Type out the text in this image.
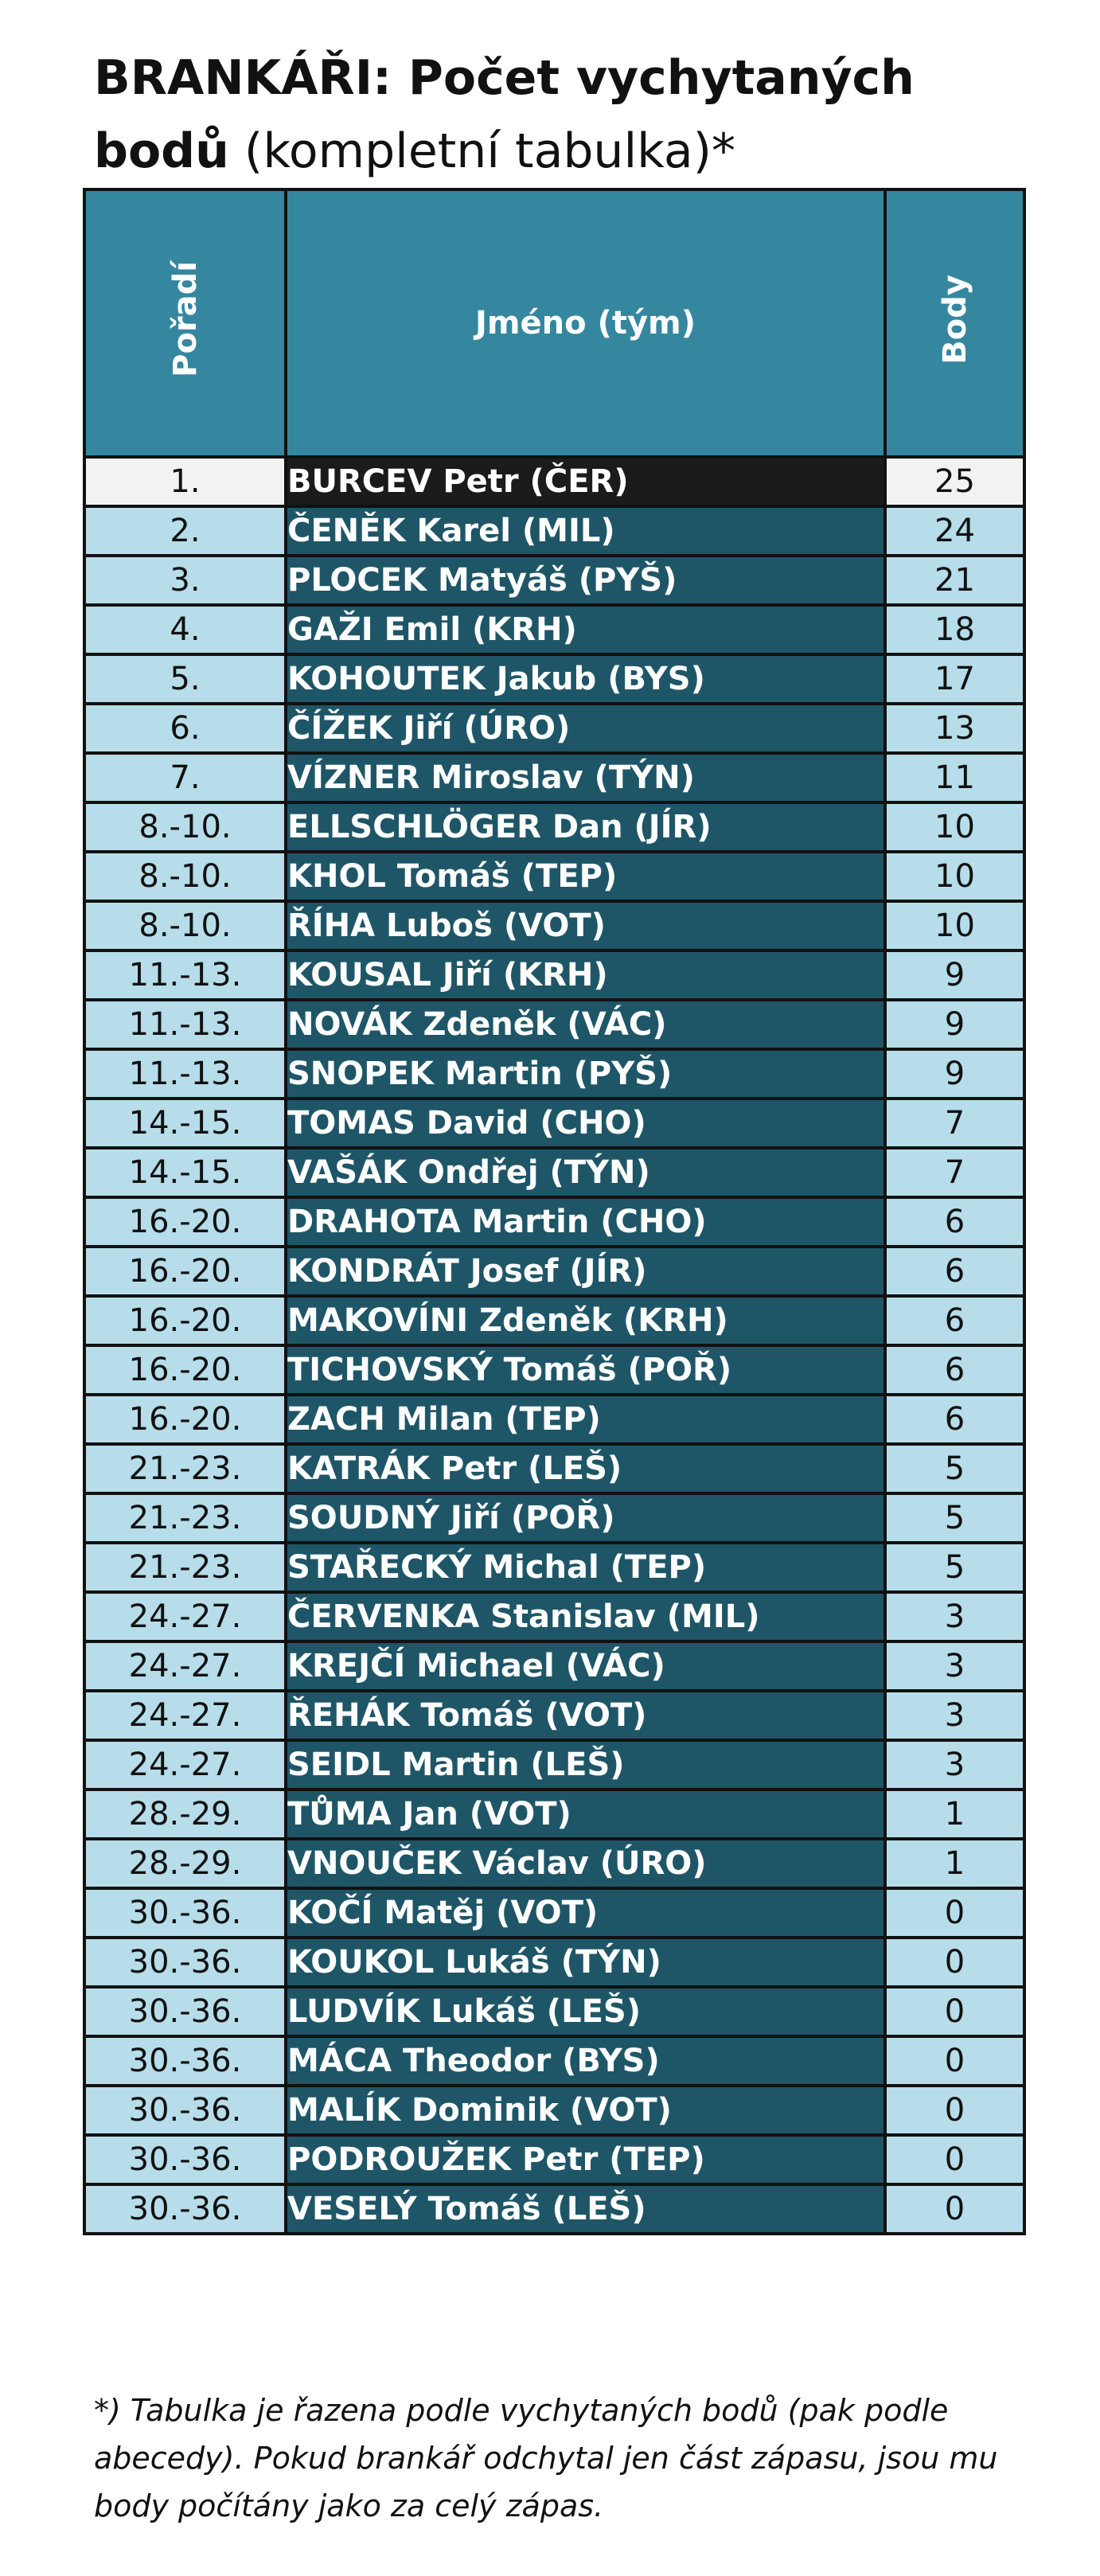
BRANKÁŘI: Počet vychytaných bodů (kompletní tabulka)*
Pořadí	Jméno (tým)	Body
1.	BURCEV Petr (ČER)	25
2.	ČENĚK Karel (MIL)	24
3.	PLOCEK Matyáš (PYŠ)	21
4.	GAŽI Emil (KRH)	18
5.	KOHOUTEK Jakub (BYS)	17
6.	ČÍŽEK Jiří (ÚRO)	13
7.	VÍZNER Miroslav (TÝN)	11
8.-10.	ELLSCHLÖGER Dan (JÍR)	10
8.-10.	KHOL Tomáš (TEP)	10
8.-10.	ŘÍHA Luboš (VOT)	10
11.-13.	KOUSAL Jiří (KRH)	9
11.-13.	NOVÁK Zdeněk (VÁC)	9
11.-13.	SNOPEK Martin (PYŠ)	9
14.-15.	TOMAS David (CHO)	7
14.-15.	VAŠÁK Ondřej (TÝN)	7
16.-20.	DRAHOTA Martin (CHO)	6
16.-20.	KONDRÁT Josef (JÍR)	6
16.-20.	MAKOVÍNI Zdeněk (KRH)	6
16.-20.	TICHOVSKÝ Tomáš (POŘ)	6
16.-20.	ZACH Milan (TEP)	6
21.-23.	KATRÁK Petr (LEŠ)	5
21.-23.	SOUDNÝ Jiří (POŘ)	5
21.-23.	STAŘECKÝ Michal (TEP)	5
24.-27.	ČERVENKA Stanislav (MIL)	3
24.-27.	KREJČÍ Michael (VÁC)	3
24.-27.	ŘEHÁK Tomáš (VOT)	3
24.-27.	SEIDL Martin (LEŠ)	3
28.-29.	TŮMA Jan (VOT)	1
28.-29.	VNOUČEK Václav (ÚRO)	1
30.-36.	KOČÍ Matěj (VOT)	0
30.-36.	KOUKOL Lukáš (TÝN)	0
30.-36.	LUDVÍK Lukáš (LEŠ)	0
30.-36.	MÁCA Theodor (BYS)	0
30.-36.	MALÍK Dominik (VOT)	0
30.-36.	PODROUŽEK Petr (TEP)	0
30.-36.	VESELÝ Tomáš (LEŠ)	0
*) Tabulka je řazena podle vychytaných bodů (pak podle abecedy). Pokud brankář odchytal jen část zápasu, jsou mu body počítány jako za celý zápas.
